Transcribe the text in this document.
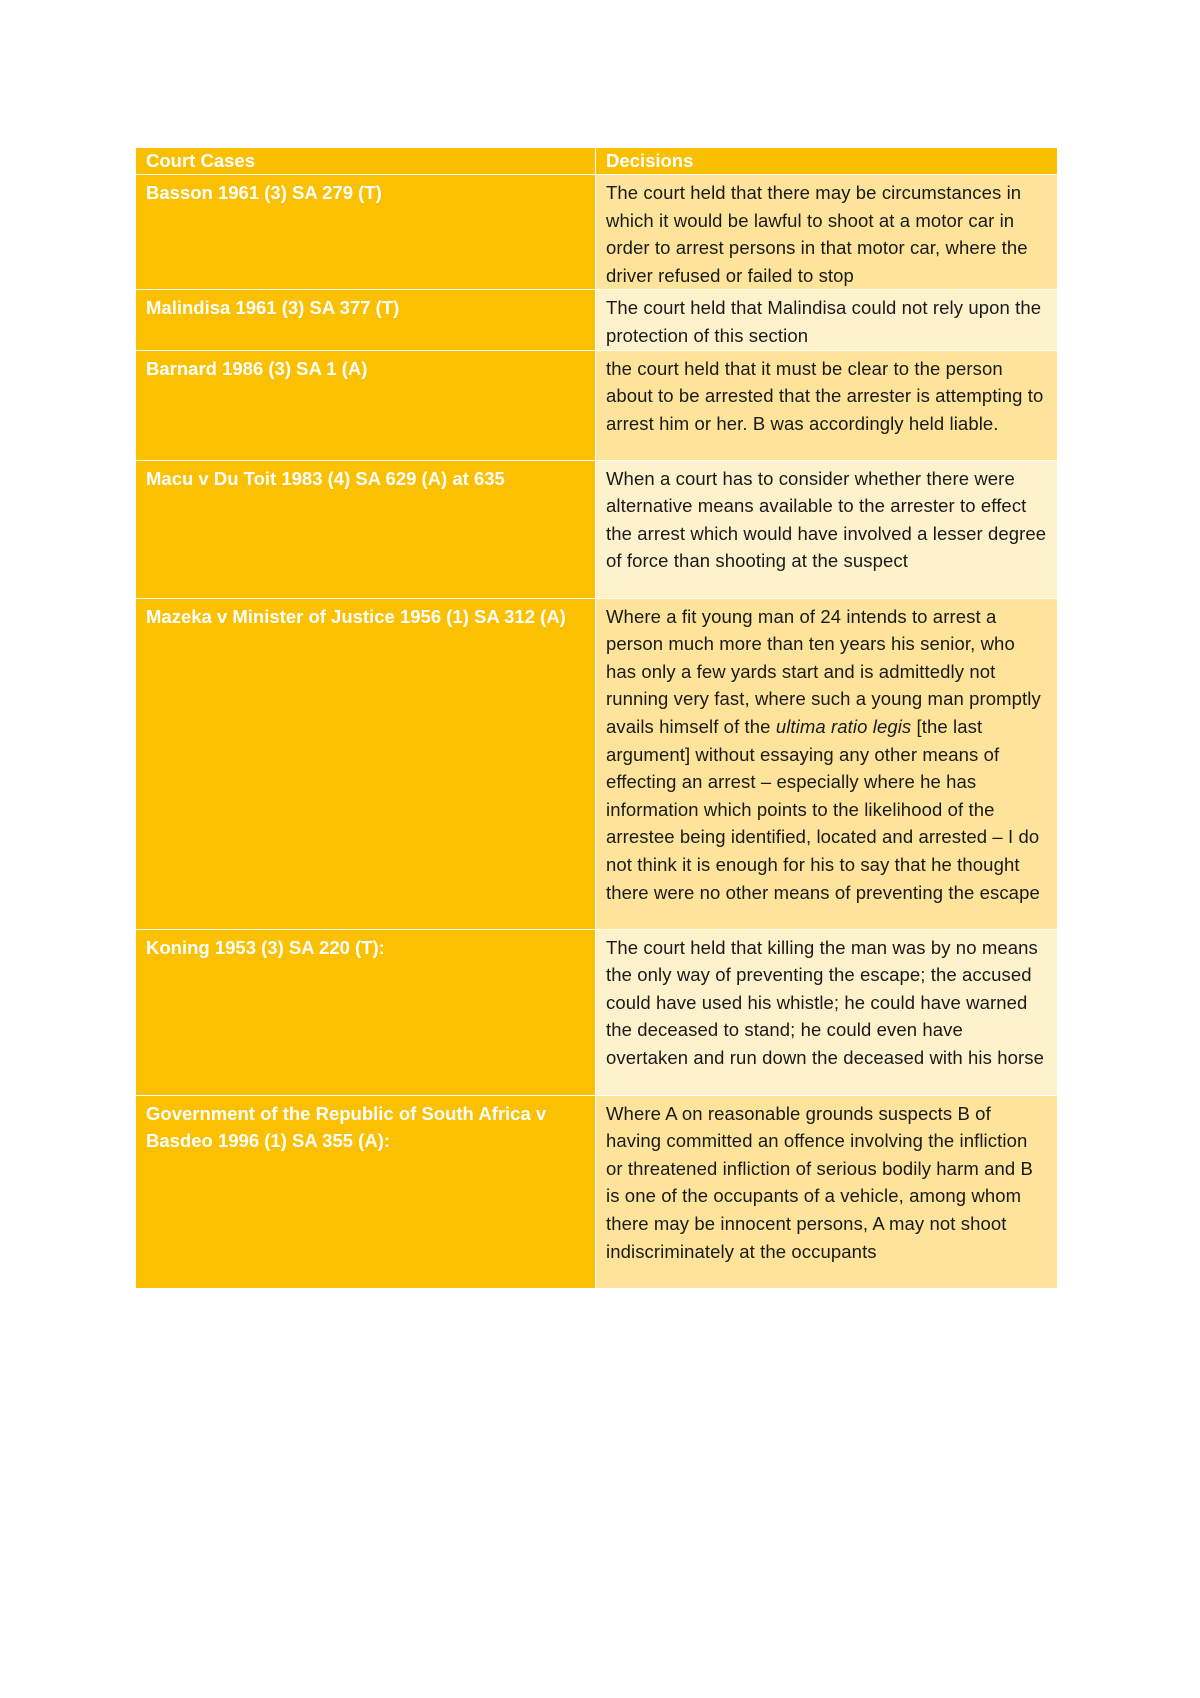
Court Cases	Decisions
Basson 1961 (3) SA 279 (T)	The court held that there may be circumstances in which it would be lawful to shoot at a motor car in order to arrest persons in that motor car, where the driver refused or failed to stop
Malindisa 1961 (3) SA 377 (T)	The court held that Malindisa could not rely upon the protection of this section
Barnard 1986 (3) SA 1 (A)	the court held that it must be clear to the person about to be arrested that the arrester is attempting to arrest him or her. B was accordingly held liable.
Macu v Du Toit 1983 (4) SA 629 (A) at 635	When a court has to consider whether there were alternative means available to the arrester to effect the arrest which would have involved a lesser degree of force than shooting at the suspect
Mazeka v Minister of Justice 1956 (1) SA 312 (A)	Where a fit young man of 24 intends to arrest a person much more than ten years his senior, who has only a few yards start and is admittedly not running very fast, where such a young man promptly avails himself of the ultima ratio legis [the last argument] without essaying any other means of effecting an arrest – especially where he has information which points to the likelihood of the arrestee being identified, located and arrested – I do not think it is enough for his to say that he thought there were no other means of preventing the escape
Koning 1953 (3) SA 220 (T):	The court held that killing the man was by no means the only way of preventing the escape; the accused could have used his whistle; he could have warned the deceased to stand; he could even have overtaken and run down the deceased with his horse
Government of the Republic of South Africa v Basdeo 1996 (1) SA 355 (A):	Where A on reasonable grounds suspects B of having committed an offence involving the infliction or threatened infliction of serious bodily harm and B is one of the occupants of a vehicle, among whom there may be innocent persons, A may not shoot indiscriminately at the occupants
